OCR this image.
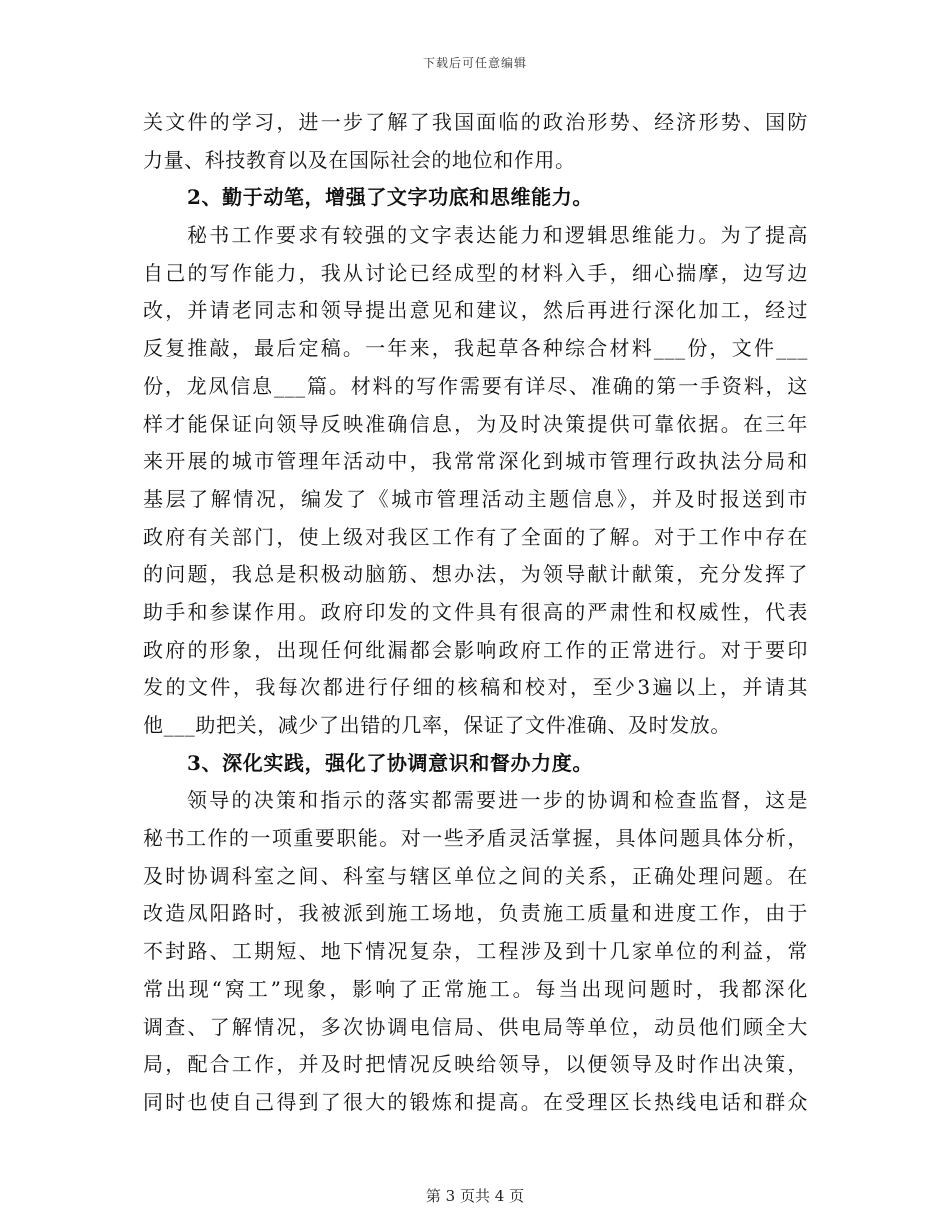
下载后可任意编辑
关文件的学习，进一步了解了我国面临的政治形势、经济形势、国防
力量、科技教育以及在国际社会的地位和作用。
2、勤于动笔，增强了文字功底和思维能力。
秘书工作要求有较强的文字表达能力和逻辑思维能力。为了提高
自己的写作能力，我从讨论已经成型的材料入手，细心揣摩，边写边
改，并请老同志和领导提出意见和建议，然后再进行深化加工，经过
反复推敲，最后定稿。一年来，我起草各种综合材料___份，文件___
份，龙凤信息___篇。材料的写作需要有详尽、准确的第一手资料，这
样才能保证向领导反映准确信息，为及时决策提供可靠依据。在三年
来开展的城市管理年活动中，我常常深化到城市管理行政执法分局和
基层了解情况，编发了《城市管理活动主题信息》，并及时报送到市
政府有关部门，使上级对我区工作有了全面的了解。对于工作中存在
的问题，我总是积极动脑筋、想办法，为领导献计献策，充分发挥了
助手和参谋作用。政府印发的文件具有很高的严肃性和权威性，代表
政府的形象，出现任何纰漏都会影响政府工作的正常进行。对于要印
发的文件，我每次都进行仔细的核稿和校对，至少3遍以上，并请其
他___助把关，减少了出错的几率，保证了文件准确、及时发放。
3、深化实践，强化了协调意识和督办力度。
领导的决策和指示的落实都需要进一步的协调和检查监督，这是
秘书工作的一项重要职能。对一些矛盾灵活掌握，具体问题具体分析，
及时协调科室之间、科室与辖区单位之间的关系，正确处理问题。在
改造凤阳路时，我被派到施工场地，负责施工质量和进度工作，由于
不封路、工期短、地下情况复杂，工程涉及到十几家单位的利益，常
常出现“窝工”现象，影响了正常施工。每当出现问题时，我都深化
调查、了解情况，多次协调电信局、供电局等单位，动员他们顾全大
局，配合工作，并及时把情况反映给领导，以便领导及时作出决策，
同时也使自己得到了很大的锻炼和提高。在受理区长热线电话和群众
第 3 页共 4 页
